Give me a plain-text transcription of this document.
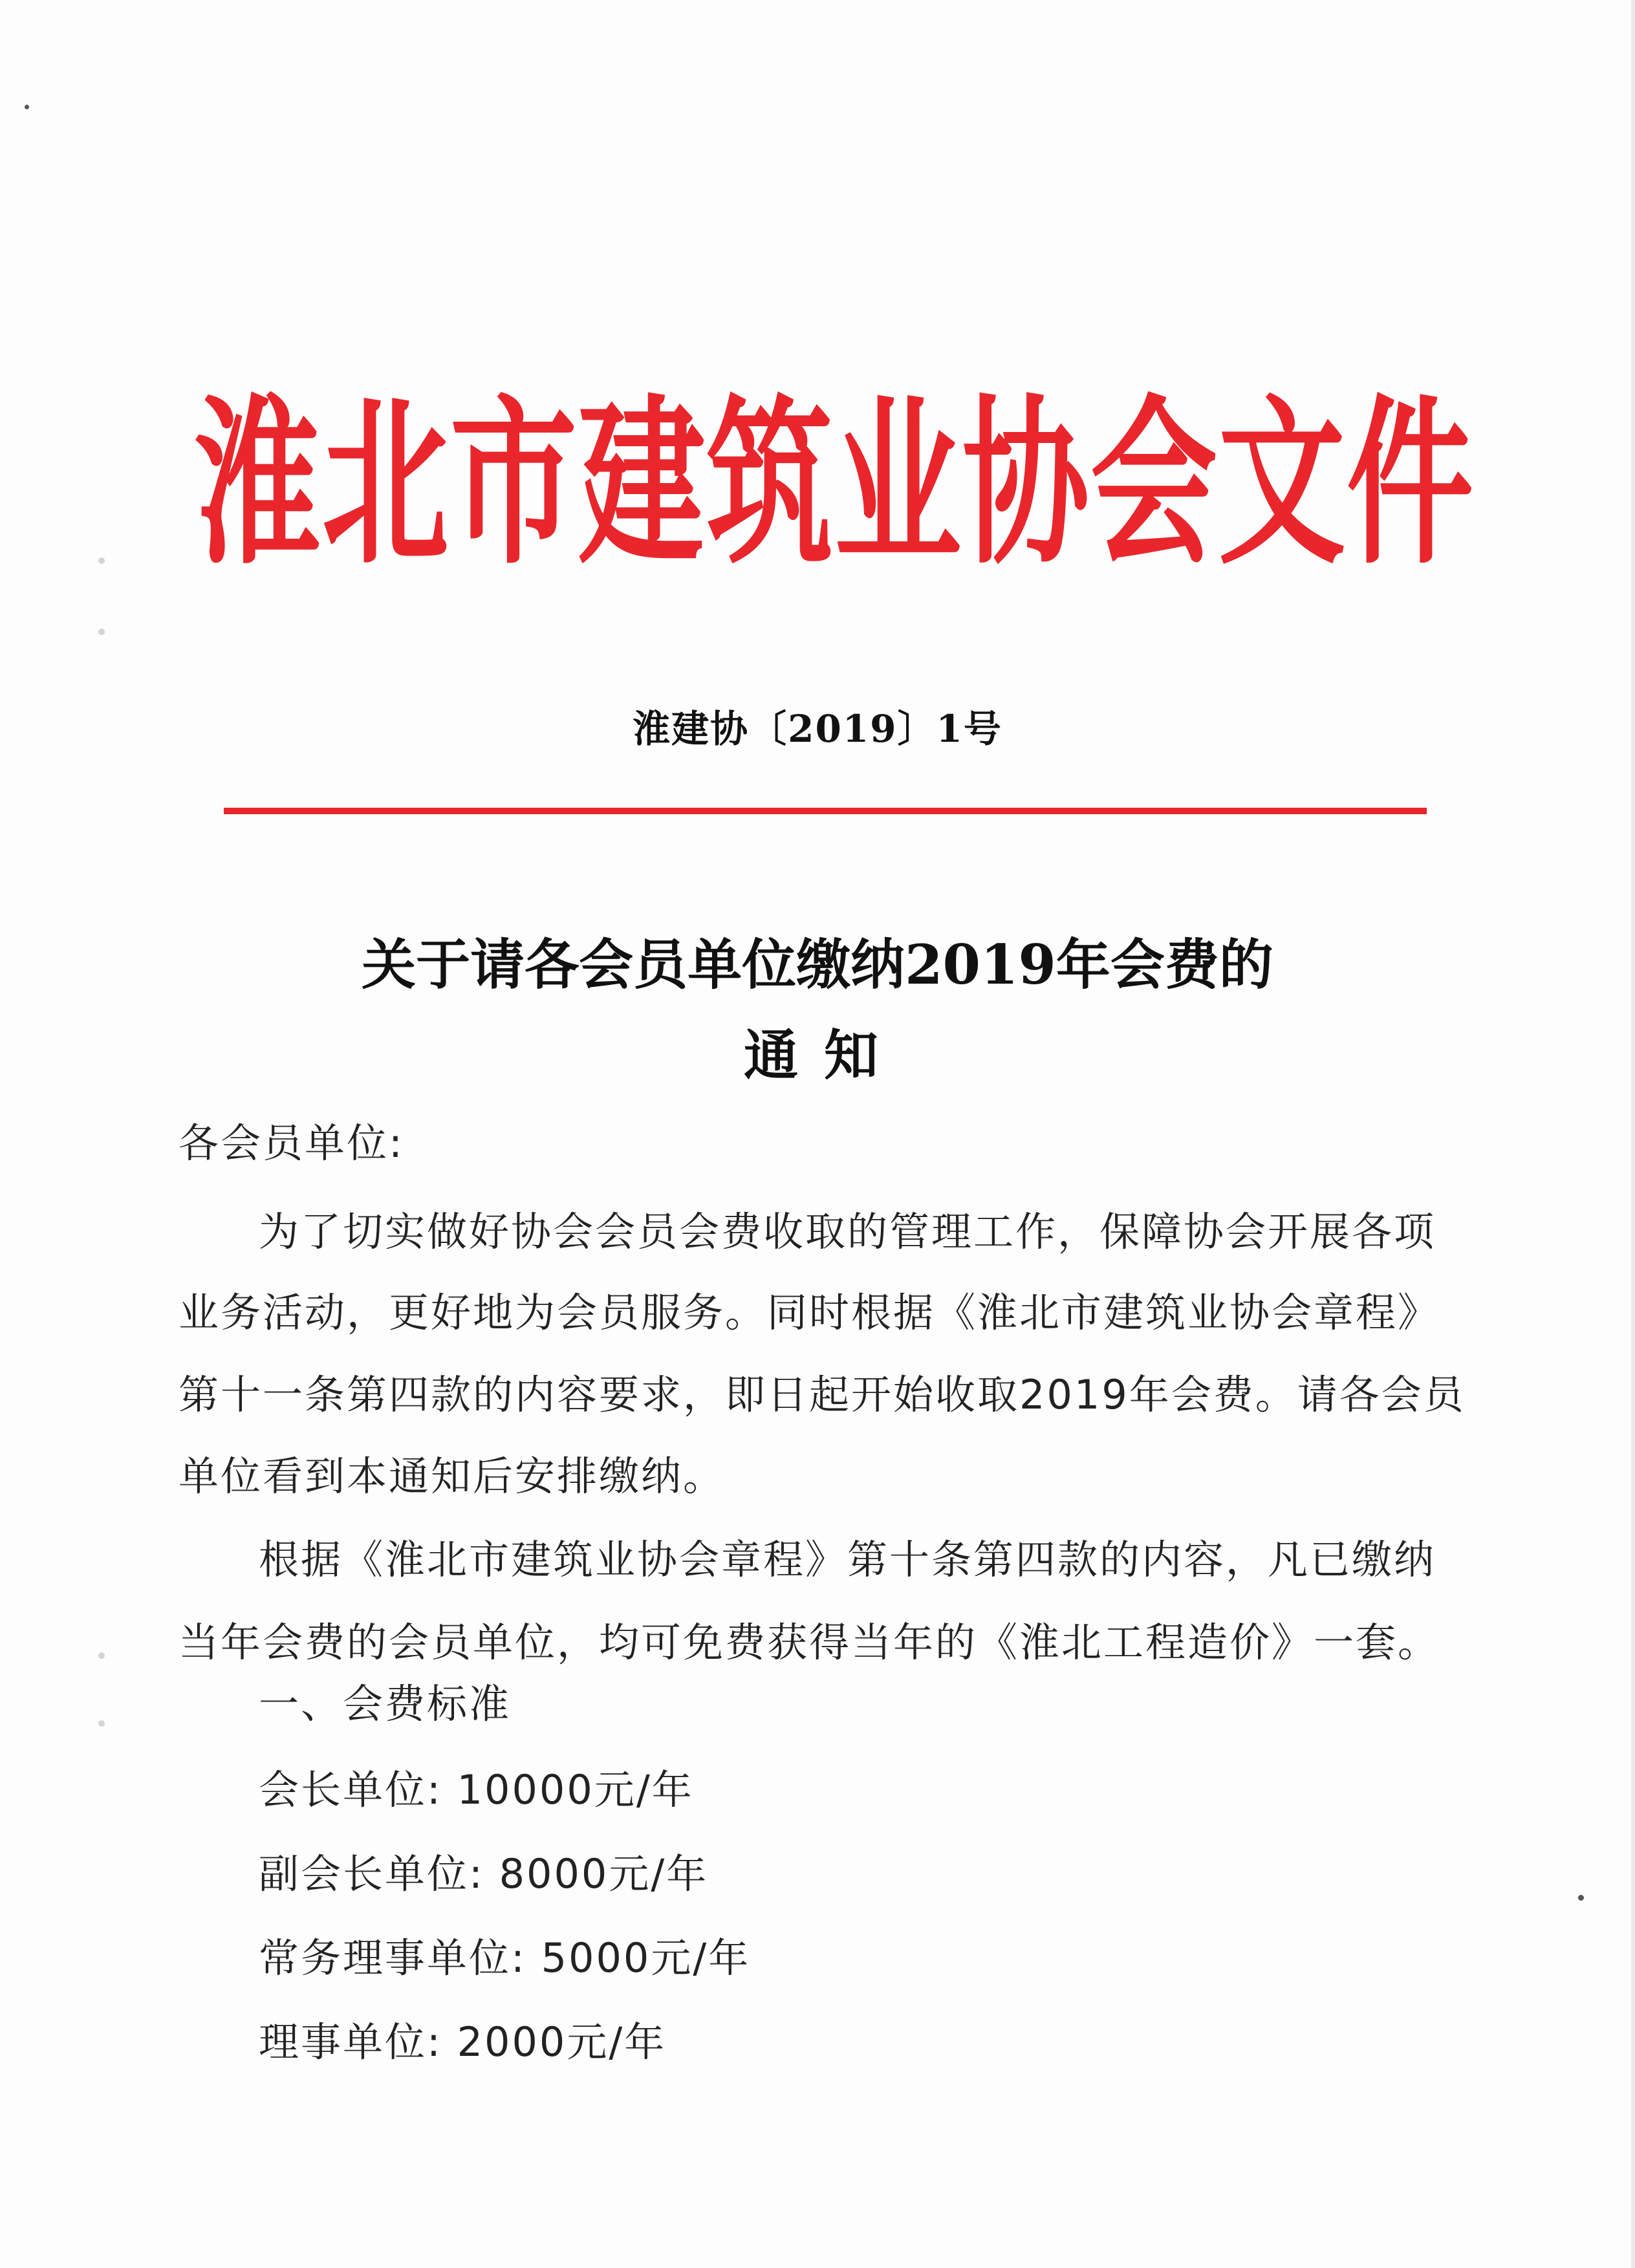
淮北市建筑业协会文件
淮建协〔2019〕1号
关于请各会员单位缴纳2019年会费的
通知
各会员单位:
为了切实做好协会会员会费收取的管理工作，保障协会开展各项
业务活动，更好地为会员服务。同时根据《淮北市建筑业协会章程》
第十一条第四款的内容要求，即日起开始收取2019年会费。请各会员
单位看到本通知后安排缴纳。
根据《淮北市建筑业协会章程》第十条第四款的内容，凡已缴纳
当年会费的会员单位，均可免费获得当年的《淮北工程造价》一套。
一、会费标准
会长单位: 10000元/年
副会长单位: 8000元/年
常务理事单位: 5000元/年
理事单位: 2000元/年
